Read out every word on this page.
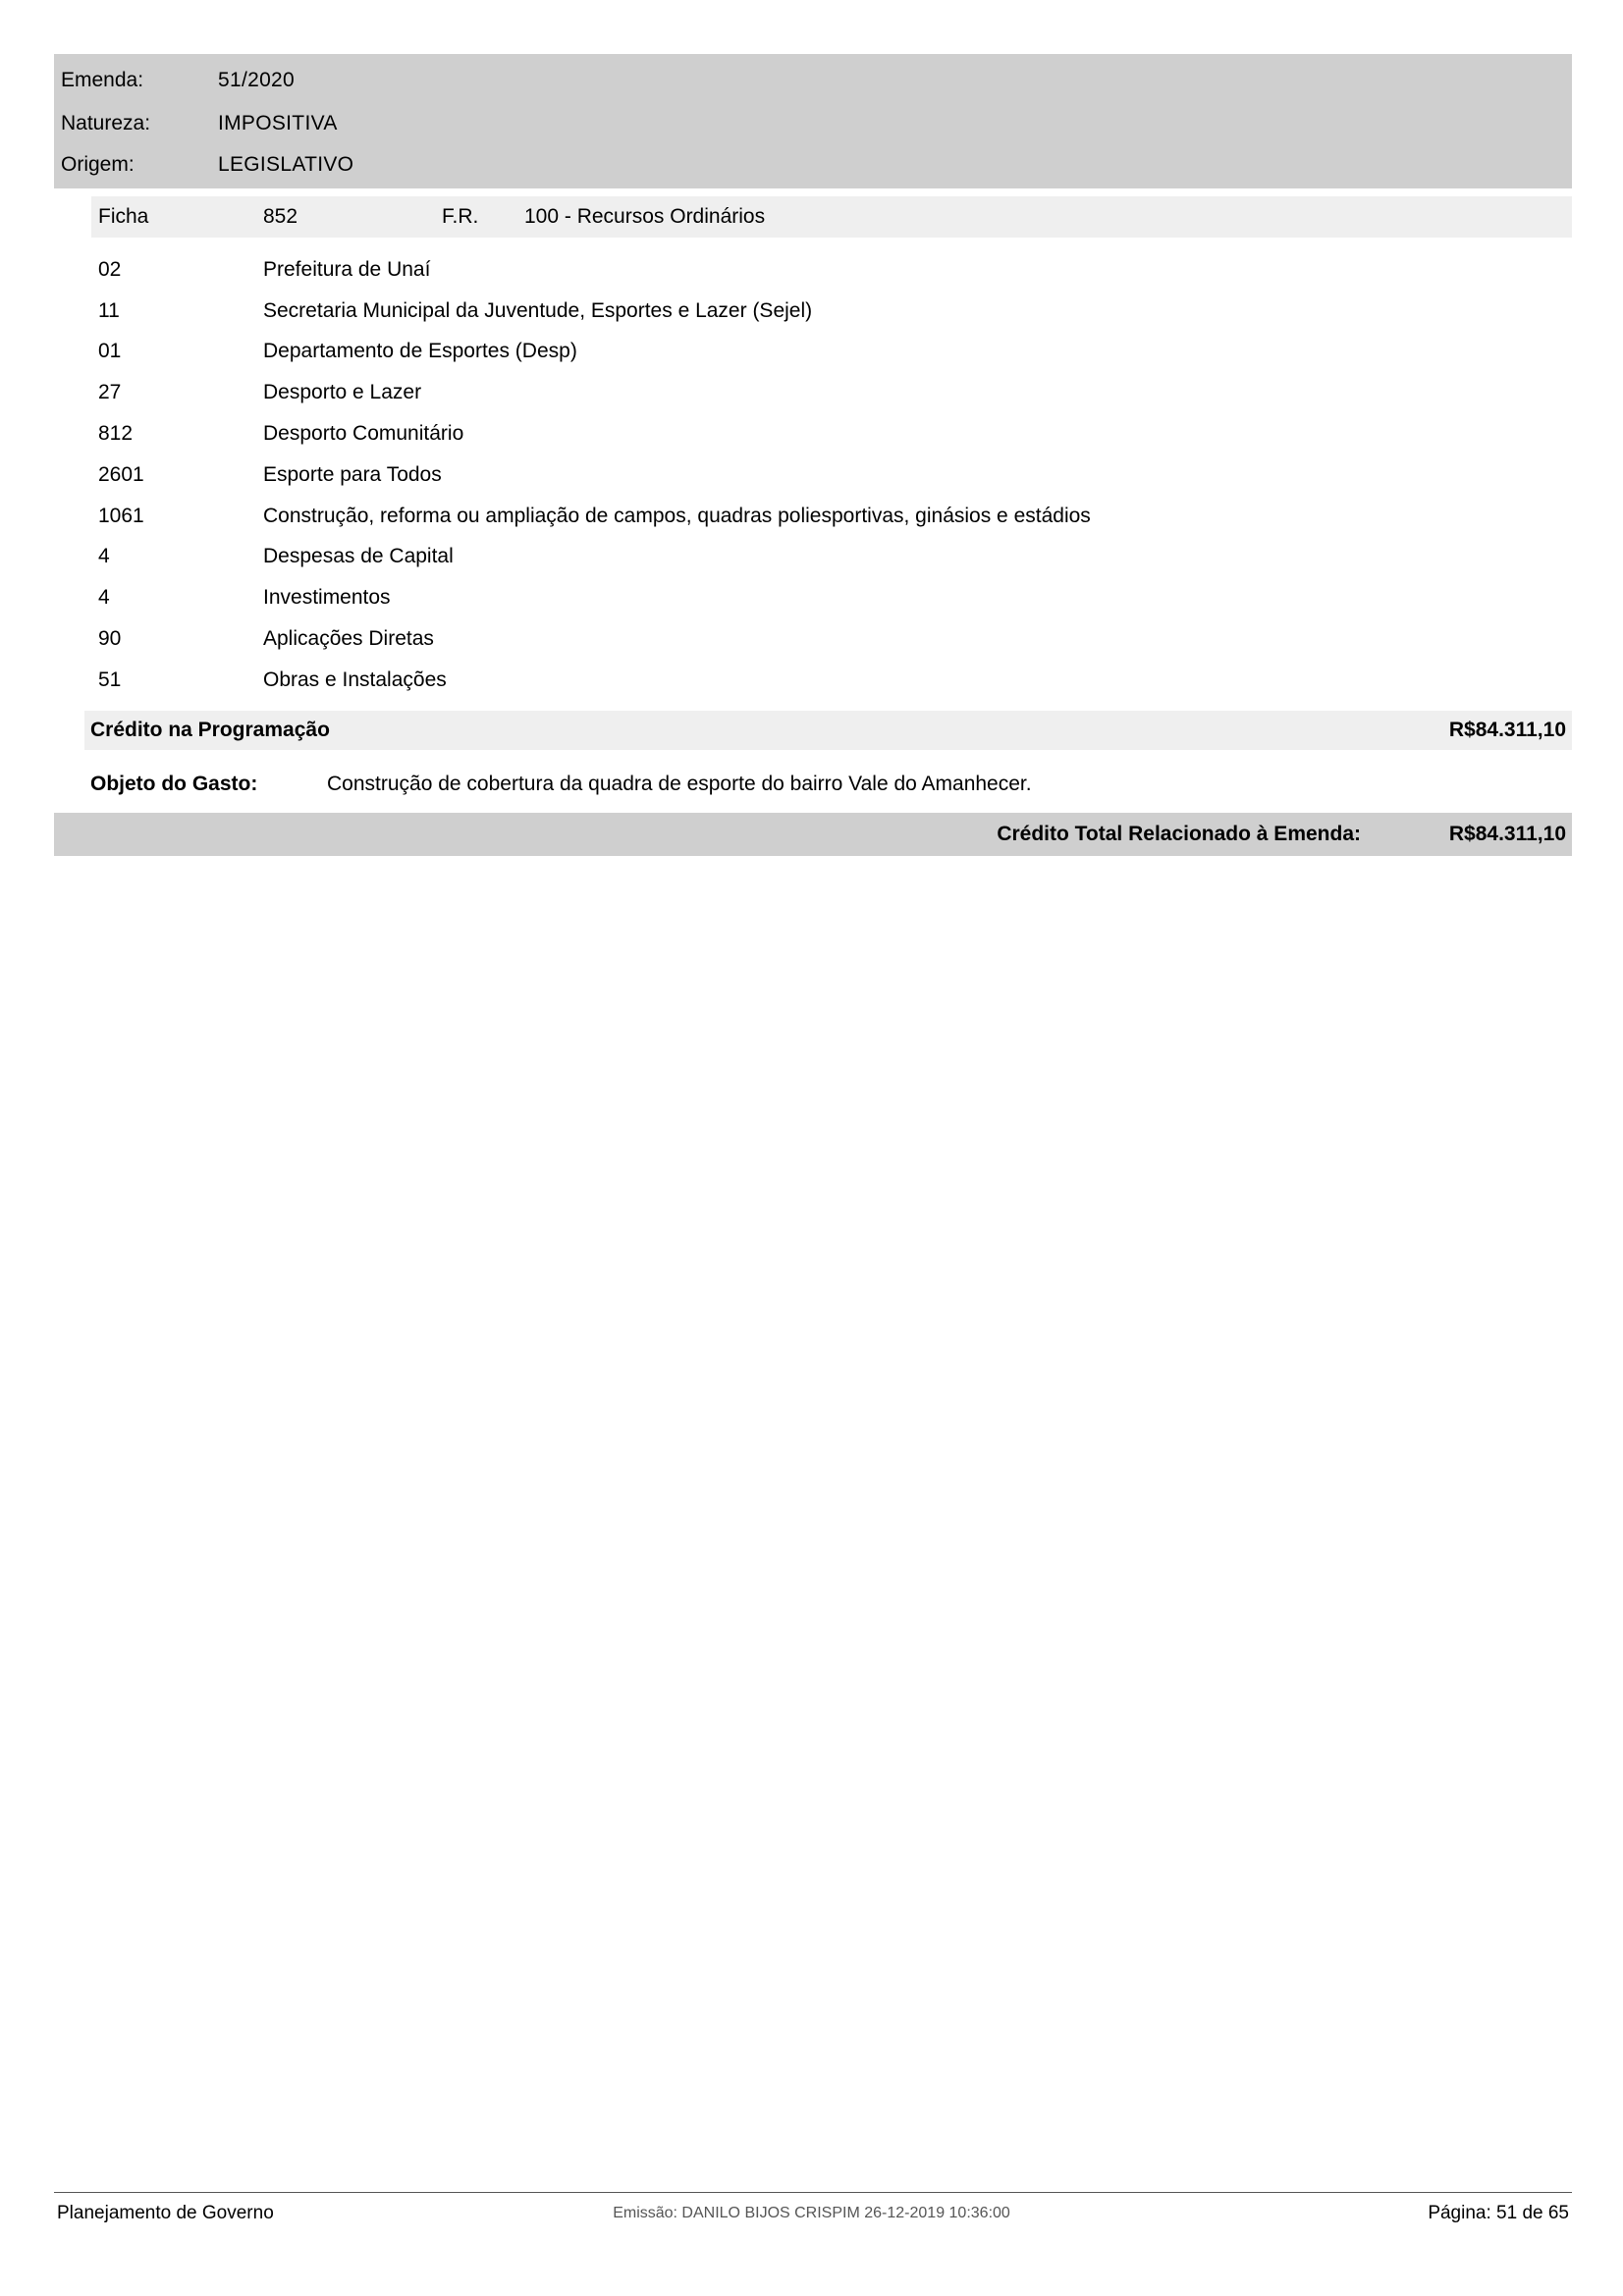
Emenda:	51/2020
Natureza:	IMPOSITIVA
Origem:	LEGISLATIVO
Ficha	852	F.R. 100 - Recursos Ordinários
02	Prefeitura de Unaí
11	Secretaria Municipal da Juventude, Esportes e Lazer (Sejel)
01	Departamento de Esportes (Desp)
27	Desporto e Lazer
812	Desporto Comunitário
2601	Esporte para Todos
1061	Construção, reforma ou ampliação de campos, quadras poliesportivas, ginásios e estádios
4	Despesas de Capital
4	Investimentos
90	Aplicações Diretas
51	Obras e Instalações
Crédito na Programação	R$84.311,10
Objeto do Gasto:	Construção de cobertura da quadra de esporte do bairro Vale do Amanhecer.
Crédito Total Relacionado à Emenda:	R$84.311,10
Planejamento de Governo	Emissão: DANILO BIJOS CRISPIM 26-12-2019 10:36:00	Página: 51 de 65
